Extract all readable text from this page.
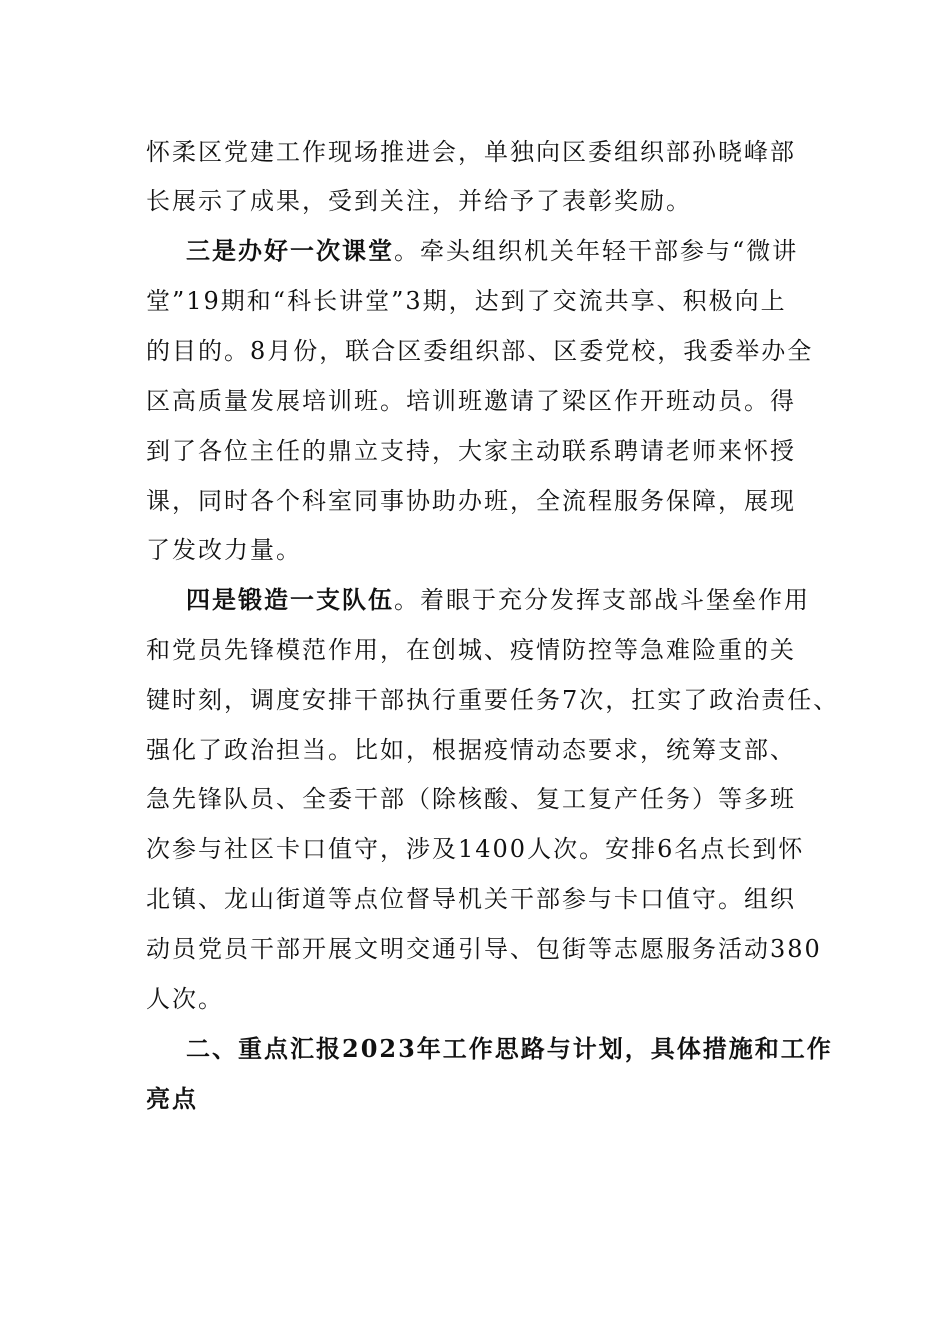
怀柔区党建工作现场推进会，单独向区委组织部孙晓峰部
长展示了成果，受到关注，并给予了表彰奖励。
三是办好一次课堂。牵头组织机关年轻干部参与“微讲
堂”19期和“科长讲堂”3期，达到了交流共享、积极向上
的目的。8月份，联合区委组织部、区委党校，我委举办全
区高质量发展培训班。培训班邀请了梁区作开班动员。得
到了各位主任的鼎立支持，大家主动联系聘请老师来怀授
课，同时各个科室同事协助办班，全流程服务保障，展现
了发改力量。
四是锻造一支队伍。着眼于充分发挥支部战斗堡垒作用
和党员先锋模范作用，在创城、疫情防控等急难险重的关
键时刻，调度安排干部执行重要任务7次，扛实了政治责任、
强化了政治担当。比如，根据疫情动态要求，统筹支部、
急先锋队员、全委干部（除核酸、复工复产任务）等多班
次参与社区卡口值守，涉及1400人次。安排6名点长到怀
北镇、龙山街道等点位督导机关干部参与卡口值守。组织
动员党员干部开展文明交通引导、包街等志愿服务活动380
人次。
二、重点汇报2023年工作思路与计划，具体措施和工作
亮点
